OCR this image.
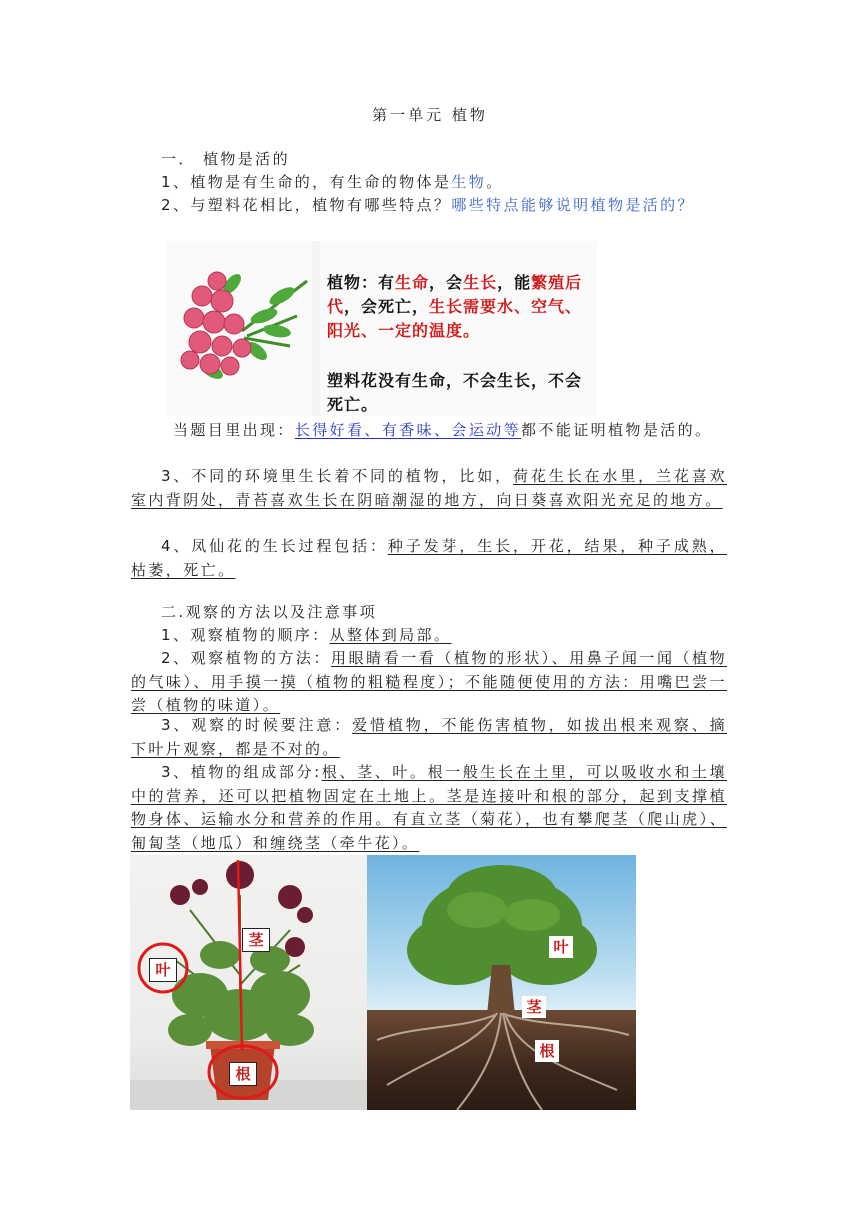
第一单元 植物
一． 植物是活的
1、植物是有生命的，有生命的物体是生物。
2、与塑料花相比，植物有哪些特点？哪些特点能够说明植物是活的？
植物：有生命，会生长，能繁殖后代，会死亡，生长需要水、空气、阳光、一定的温度。
塑料花没有生命，不会生长，不会死亡。
当题目里出现：长得好看、有香味、会运动等都不能证明植物是活的。
3、不同的环境里生长着不同的植物，比如，荷花生长在水里，兰花喜欢室内背阴处，青苔喜欢生长在阴暗潮湿的地方，向日葵喜欢阳光充足的地方。
4、凤仙花的生长过程包括：种子发芽，生长，开花，结果，种子成熟，枯萎，死亡。
二.观察的方法以及注意事项
1、观察植物的顺序：从整体到局部。
2、观察植物的方法：用眼睛看一看（植物的形状）、用鼻子闻一闻（植物的气味）、用手摸一摸（植物的粗糙程度）；不能随便使用的方法：用嘴巴尝一尝（植物的味道）。
3、观察的时候要注意：爱惜植物，不能伤害植物，如拔出根来观察、摘下叶片观察，都是不对的。
3、植物的组成部分:根、茎、叶。根一般生长在土里，可以吸收水和土壤中的营养，还可以把植物固定在土地上。茎是连接叶和根的部分，起到支撑植物身体、运输水分和营养的作用。有直立茎（菊花），也有攀爬茎（爬山虎）、匍匐茎（地瓜）和缠绕茎（牵牛花）。
茎
叶
根
叶
茎
根
